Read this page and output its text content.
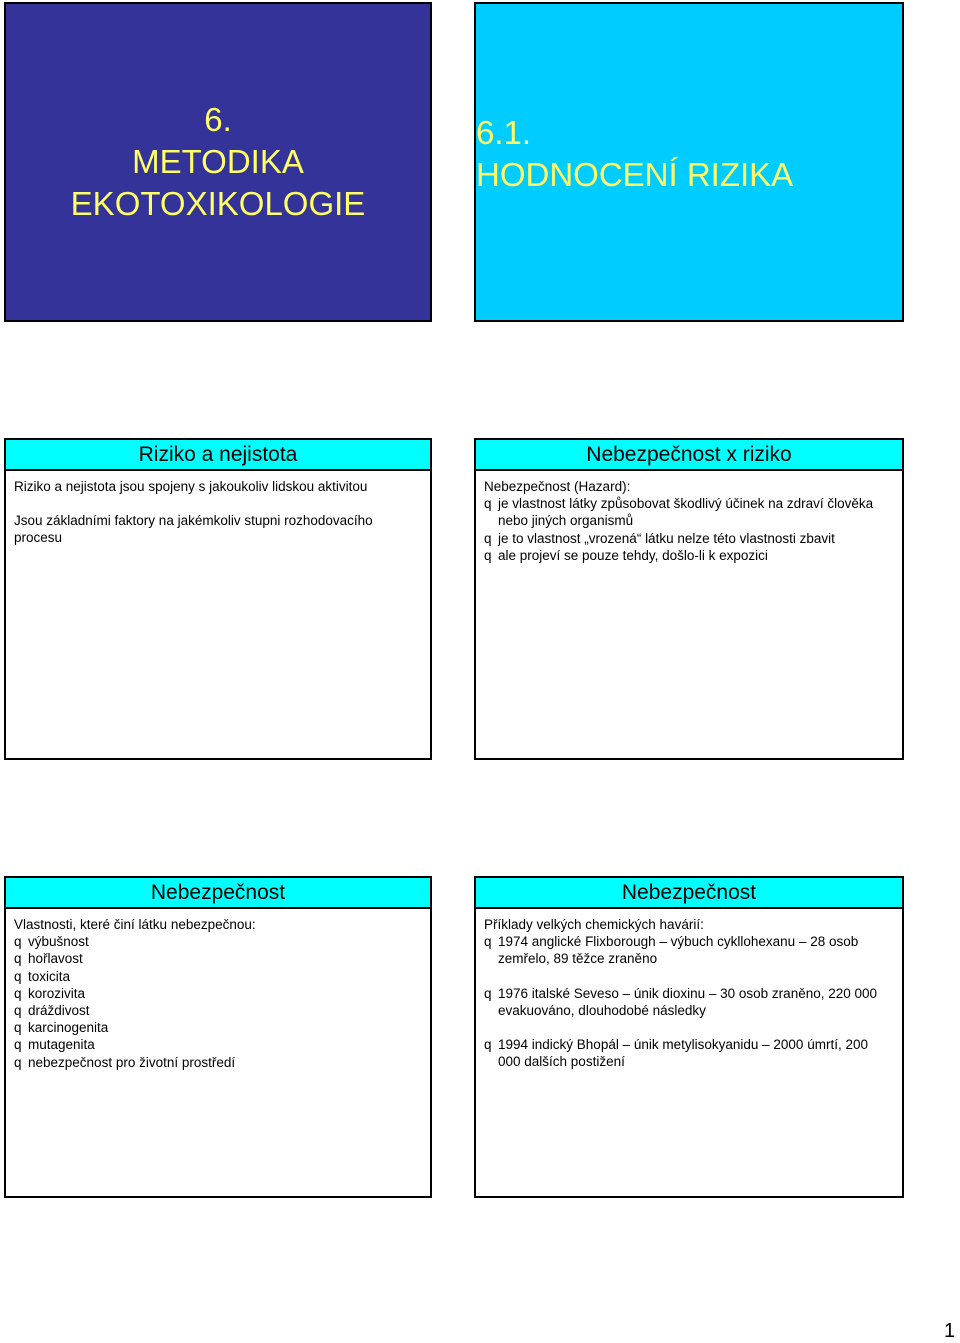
6.
METODIKA
EKOTOXIKOLOGIE
6.1.
HODNOCENÍ RIZIKA
Riziko a nejistota

Riziko a nejistota jsou spojeny s jakoukoliv lidskou aktivitou

Jsou základními faktory na jakémkoliv stupni rozhodovacího procesu

Nebezpečnost x riziko

Nebezpečnost (Hazard):

q je vlastnost látky způsobovat škodlivý účinek na zdraví člověka nebo jiných organismů
q je to vlastnost „vrozená“ látku nelze této vlastnosti zbavit
q ale projeví se pouze tehdy, došlo-li k expozici
Nebezpečnost

Vlastnosti, které činí látku nebezpečnou:

q výbušnost
q hořlavost
q toxicita
q korozivita
q dráždivost
q karcinogenita
q mutagenita
q nebezpečnost pro životní prostředí
Nebezpečnost

Příklady velkých chemických havárií:

q 1974 anglické Flixborough – výbuch cykllohexanu – 28 osob zemřelo, 89 těžce zraněno
q 1976 italské Seveso – únik dioxinu – 30 osob zraněno, 220 000 evakuováno, dlouhodobé následky
q 1994 indický Bhopál – únik metylisokyanidu – 2000 úmrtí, 200 000 dalších postižení
1
